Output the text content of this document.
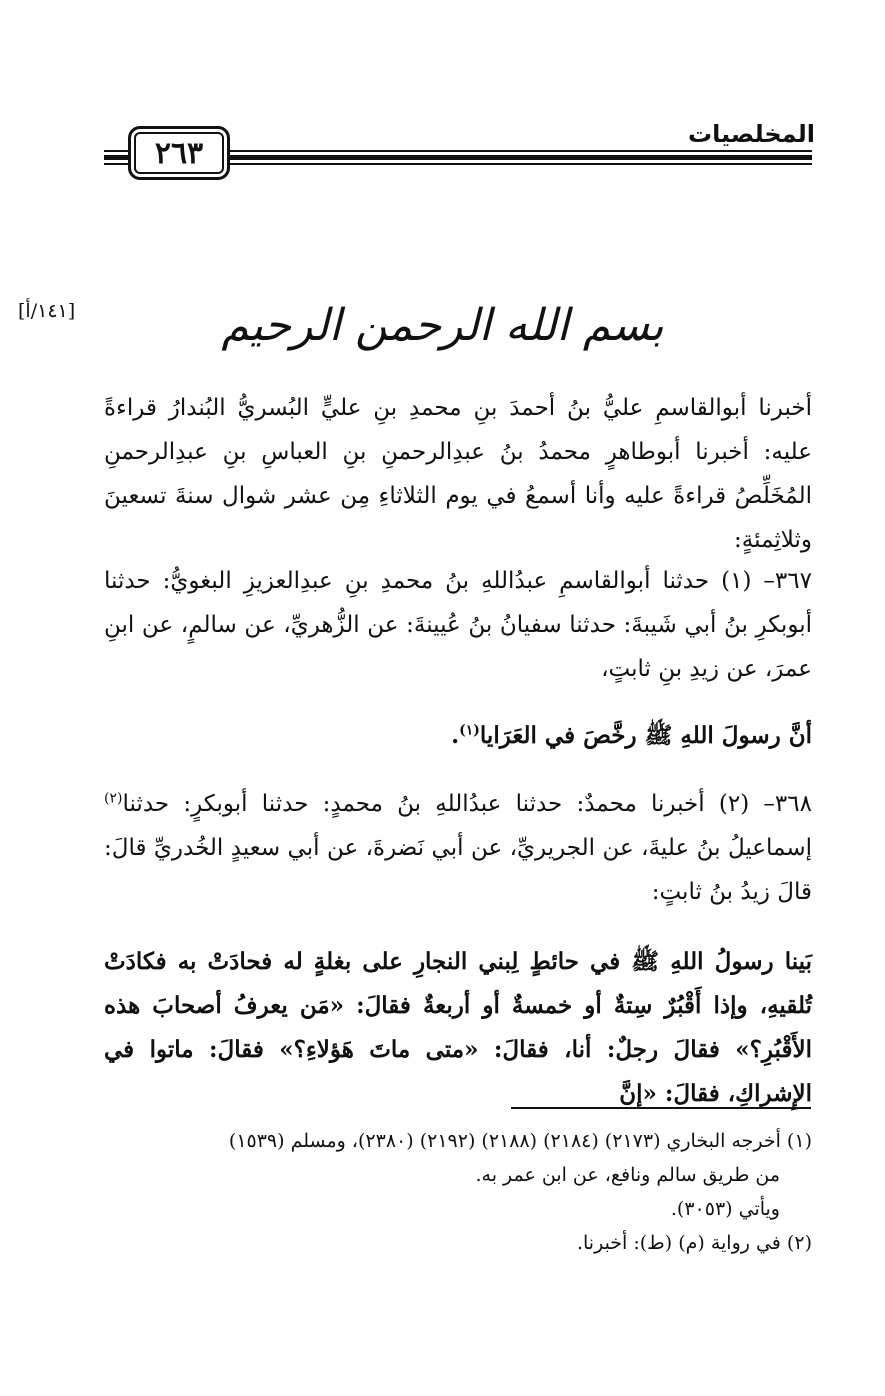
٢٦٣
المخلصيات
[١٤١/أ]	بسم الله الرحمن الرحيم
أخبرنا أبوالقاسمِ عليُّ بنُ أحمدَ بنِ محمدِ بنِ عليٍّ البُسريُّ البُندارُ قراءةً عليه: أخبرنا أبوطاهرٍ محمدُ بنُ عبدِالرحمنِ بنِ العباسِ بنِ عبدِالرحمنِ المُخَلِّصُ قراءةً عليه وأنا أسمعُ في يوم الثلاثاءِ مِن عشر شوال سنةَ تسعينَ وثلاثِمئةٍ:
٣٦٧– (١) حدثنا أبوالقاسمِ عبدُاللهِ بنُ محمدِ بنِ عبدِالعزيزِ البغويُّ: حدثنا أبوبكرِ بنُ أبي شَيبةَ: حدثنا سفيانُ بنُ عُيينةَ: عن الزُّهريِّ، عن سالمٍ، عن ابنِ عمرَ، عن زيدِ بنِ ثابتٍ،
أنَّ رسولَ اللهِ ﷺ رخَّصَ في العَرَايا$^{(١)}$.
٣٦٨– (٢) أخبرنا محمدٌ: حدثنا عبدُاللهِ بنُ محمدٍ: حدثنا أبوبكرٍ: حدثنا$^{(٢)}$ إسماعيلُ بنُ عليةَ، عن الجريريِّ، عن أبي نَضرةَ، عن أبي سعيدٍ الخُدريِّ قالَ: قالَ زيدُ بنُ ثابتٍ:
بَينا رسولُ اللهِ ﷺ في حائطٍ لِبني النجارِ على بغلةٍ له فحادَتْ به فكادَتْ تُلقيهِ، وإذا أَقْبُرٌ سِتةٌ أو خمسةٌ أو أربعةٌ فقالَ: «مَن يعرفُ أصحابَ هذه الأَقْبُرِ؟» فقالَ رجلٌ: أنا، فقالَ: «متى ماتَ هَؤلاءِ؟» فقالَ: ماتوا في الإِشراكِ، فقالَ: «إنَّ
(١) أخرجه البخاري (٢١٧٣) (٢١٨٤) (٢١٨٨) (٢١٩٢) (٢٣٨٠)، ومسلم (١٥٣٩)
من طريق سالم ونافع، عن ابن عمر به.
ويأتي (٣٠٥٣).
(٢) في رواية (م) (ط): أخبرنا.
